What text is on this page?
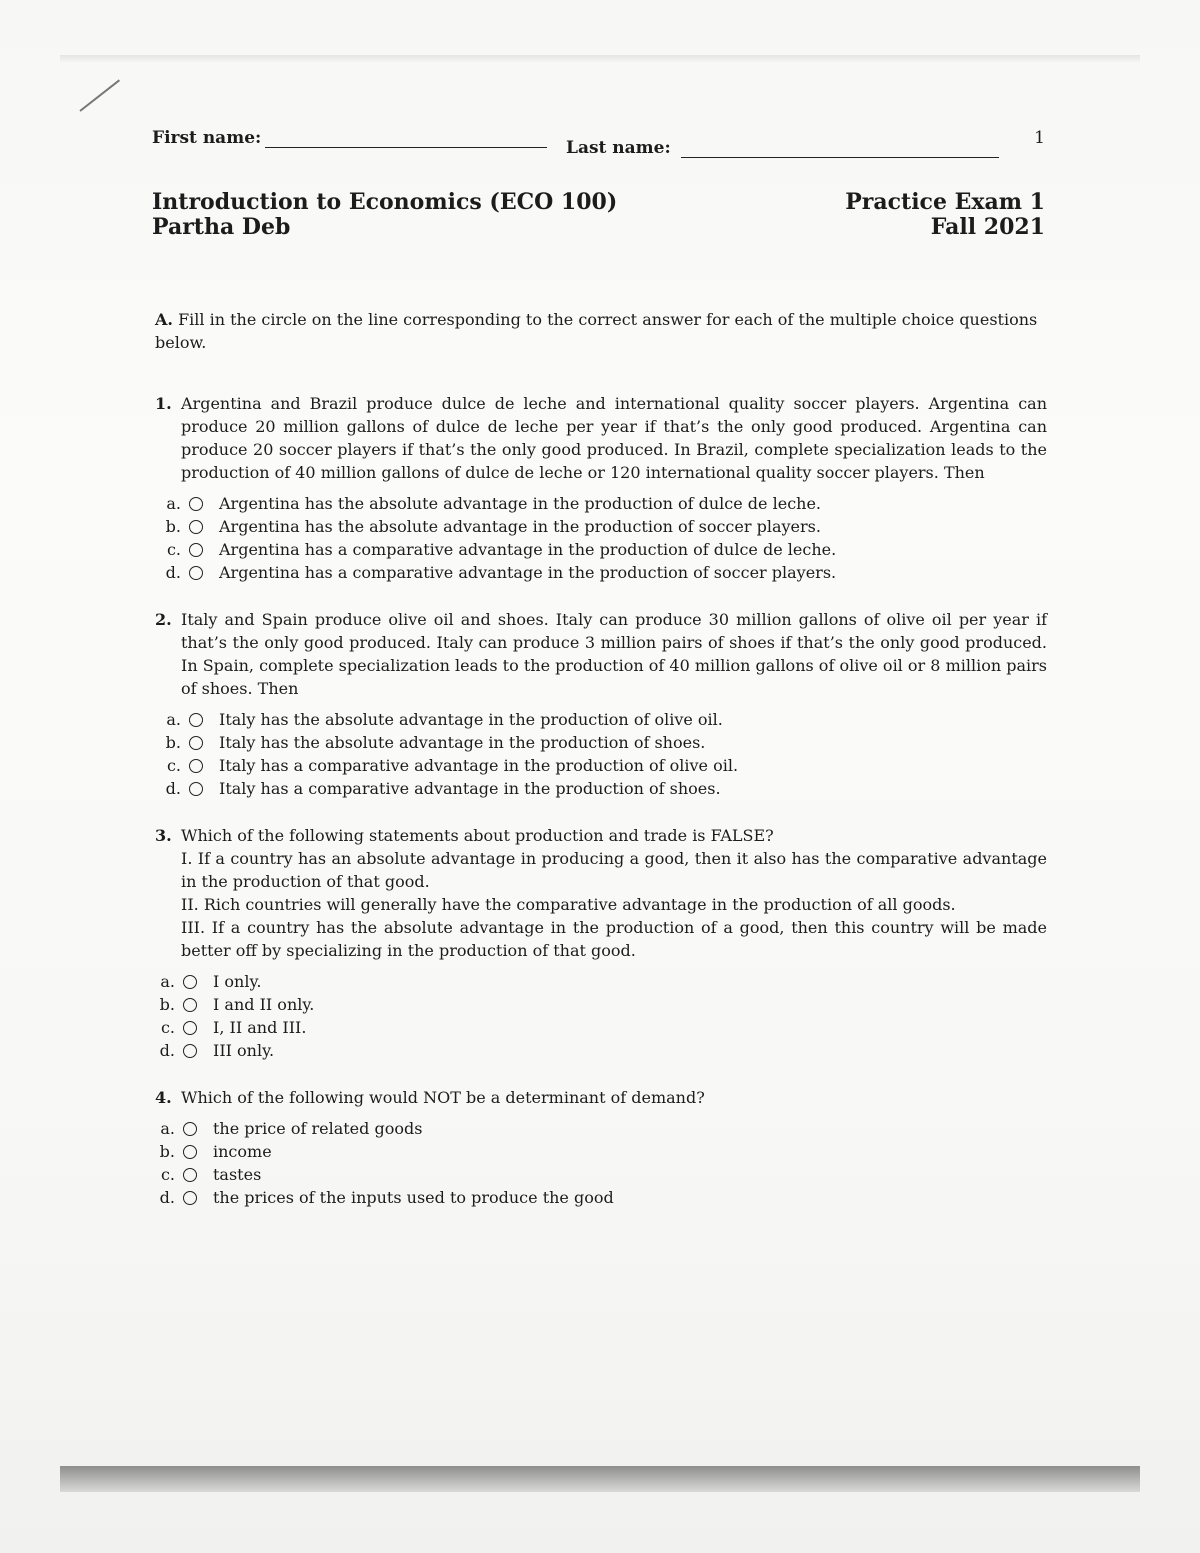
First name:	Last name:	1
Introduction to Economics (ECO 100)
Partha Deb
Practice Exam 1
Fall 2021

A. Fill in the circle on the line corresponding to the correct answer for each of the multiple choice questions below.

1. Argentina and Brazil produce dulce de leche and international quality soccer players. Argentina can produce 20 million gallons of dulce de leche per year if that’s the only good produced. Argentina can produce 20 soccer players if that’s the only good produced. In Brazil, complete specialization leads to the production of 40 million gallons of dulce de leche or 120 international quality soccer players. Then
a. Argentina has the absolute advantage in the production of dulce de leche.
b. Argentina has the absolute advantage in the production of soccer players.
c. Argentina has a comparative advantage in the production of dulce de leche.
d. Argentina has a comparative advantage in the production of soccer players.
2. Italy and Spain produce olive oil and shoes. Italy can produce 30 million gallons of olive oil per year if that’s the only good produced. Italy can produce 3 million pairs of shoes if that’s the only good produced. In Spain, complete specialization leads to the production of 40 million gallons of olive oil or 8 million pairs of shoes. Then
a. Italy has the absolute advantage in the production of olive oil.
b. Italy has the absolute advantage in the production of shoes.
c. Italy has a comparative advantage in the production of olive oil.
d. Italy has a comparative advantage in the production of shoes.
3. Which of the following statements about production and trade is FALSE?
I. If a country has an absolute advantage in producing a good, then it also has the comparative advantage in the production of that good.
II. Rich countries will generally have the comparative advantage in the production of all goods.
III. If a country has the absolute advantage in the production of a good, then this country will be made better off by specializing in the production of that good.
a. I only.
b. I and II only.
c. I, II and III.
d. III only.
4. Which of the following would NOT be a determinant of demand?
a. the price of related goods
b. income
c. tastes
d. the prices of the inputs used to produce the good
